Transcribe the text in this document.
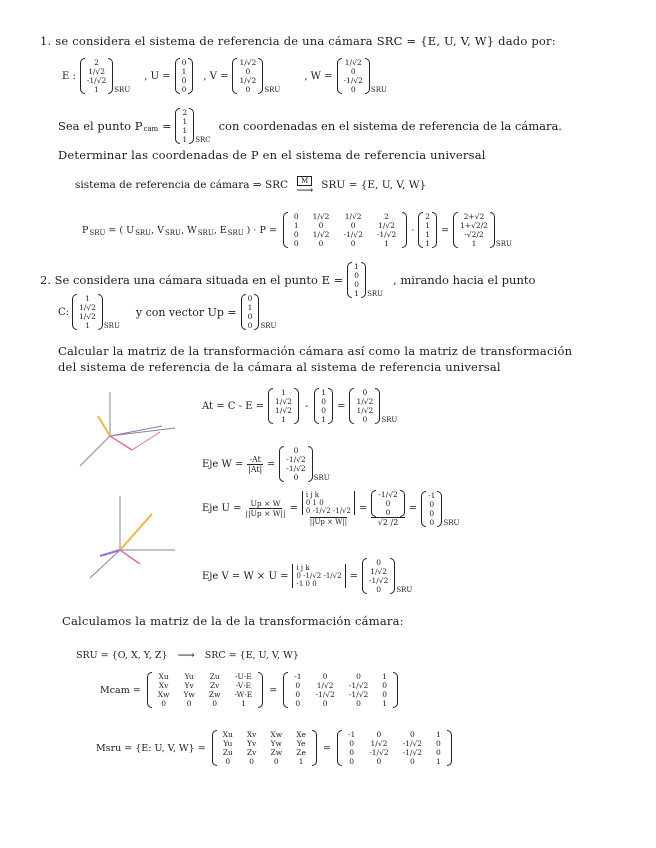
1. se considera el sistema de referencia de una cámara SRC = {E, U, V, W} dado por:
E :
2
1/√2
-1/√2
1 SRU
, U =
0
1
0
0
, V =
1/√2
0
1/√2
0 SRU
, W =
1/√2
0
-1/√2
0 SRU
Sea el punto P cam =
2
1
1
1 SRC
con coordenadas en el sistema de referencia de la cámara.
Determinar las coordenadas de P en el sistema de referencia universal
sistema de referencia de cámara ⇒ SRC	M
⟶ SRU = {E, U, V, W}
P SRU = ( U SRU , V SRU , W SRU , E SRU ) · P =
0
1
0
0
1/√2
0
1/√2
0
1/√2
0
-1/√2
0
2
1/√2
-1/√2
1
·
2
1
1
1
=
2+√2
1+√2/2
-√2/2
1	SRU
2. Se considera una cámara situada en el punto E =
1
0
0
1 SRU
, mirando hacia el punto
C:
1
1/√2
1/√2
1 SRU
y con vector Up =
0
1
0
0 SRU
Calcular la matriz de la transformación cámara así como la matriz de transformación
del sistema de referencia de la cámara al sistema de referencia universal
At = C - E =
1
1/√2
1/√2
1
-
1
0
0
1
=
0
1/√2
1/√2
0 SRU
Eje $W = \frac{-At}{|At|}$ =
0
-1/√2
-1/√2
0 SRU
Eje $U = \frac{Up \times W}{||Up \times W||} = i$ j k
0 1 0
0 -1/√2 -1/√2
||Up × W|| =
-1/√2
0
0
√2 /2
=
-1
0
0
0 SRU
Eje V = W × U =
i j k
0 -1/√2 -1/√2
-1 0 0
=
0
1/√2
-1/√2
0 SRU
Calculamos la matriz de la de la transformación cámara:
SRU = {O, X, Y, Z} ⟶ SRC = {E, U, V, W}
Mcam =
Xu
Xv
Xw
0
Yu
Yv
Yw
0
Zu
Zv
Zw
0
-U·E
-V·E
-W·E
1
=
-1
0
0
0
0
1/√2
-1/√2
0
0
-1/√2
-1/√2
0
1
0
0
1
Msru = {E: U, V, W} =
Xu
Yu
Zu
0
Xv
Yv
Zv
0
Xw
Yw
Zw
0
Xe
Ye
Ze
1
=
-1
0
0
0
0
1/√2
-1/√2
0
0
-1/√2
-1/√2
0
1
0
0
1
